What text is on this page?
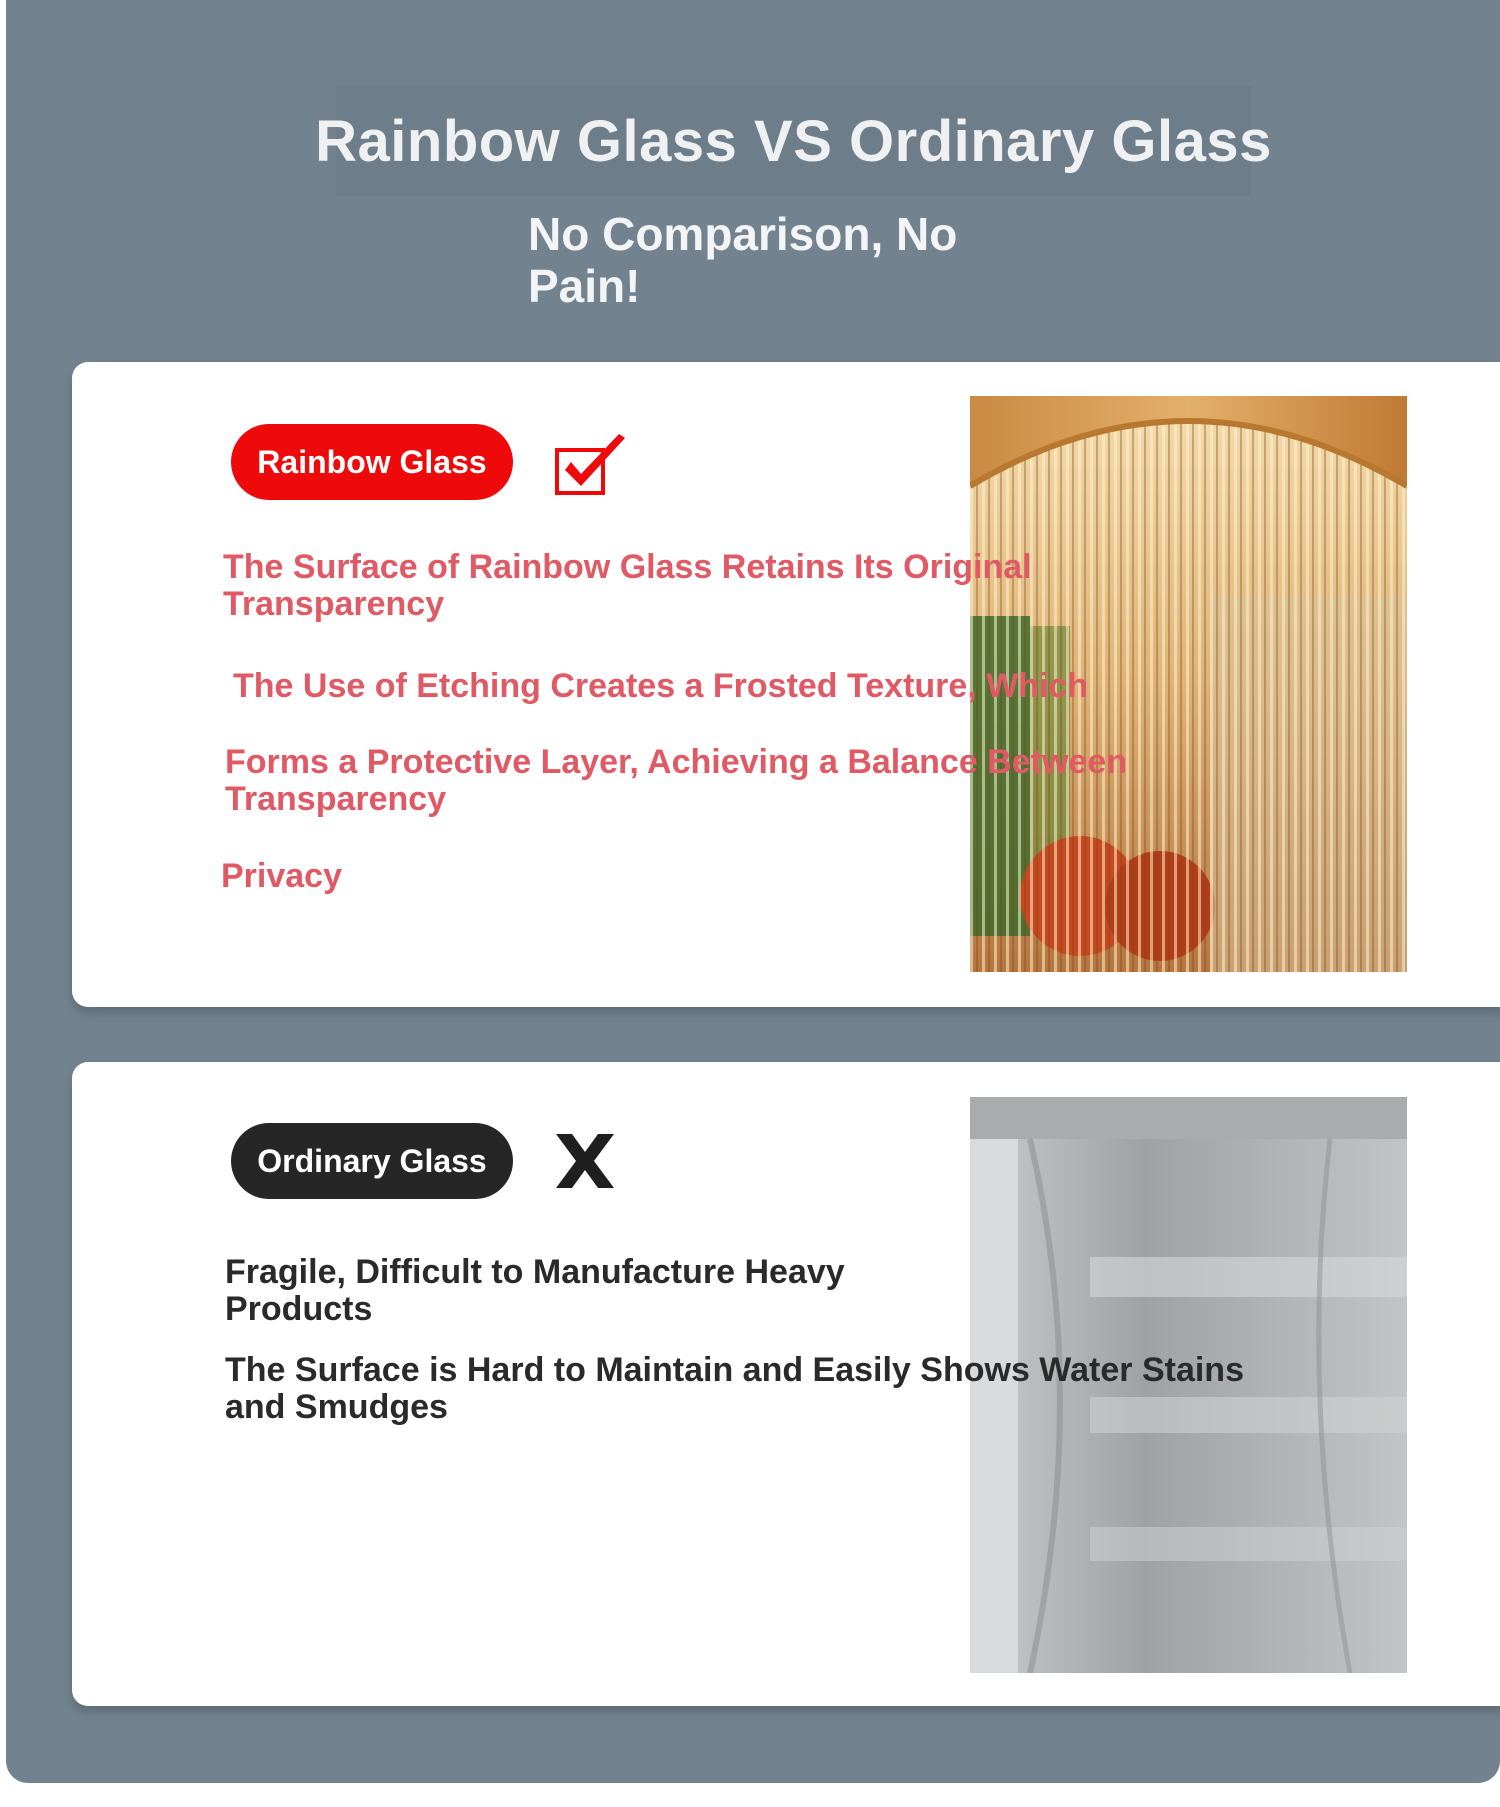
Rainbow Glass VS Ordinary Glass
No Comparison, No Pain!
Rainbow Glass
The Surface of Rainbow Glass Retains Its Original
Transparency
The Use of Etching Creates a Frosted Texture, Which
Forms a Protective Layer, Achieving a Balance Between
Transparency
Privacy
Ordinary Glass
Fragile, Difficult to Manufacture Heavy
Products
The Surface is Hard to Maintain and Easily Shows Water Stains
and Smudges
